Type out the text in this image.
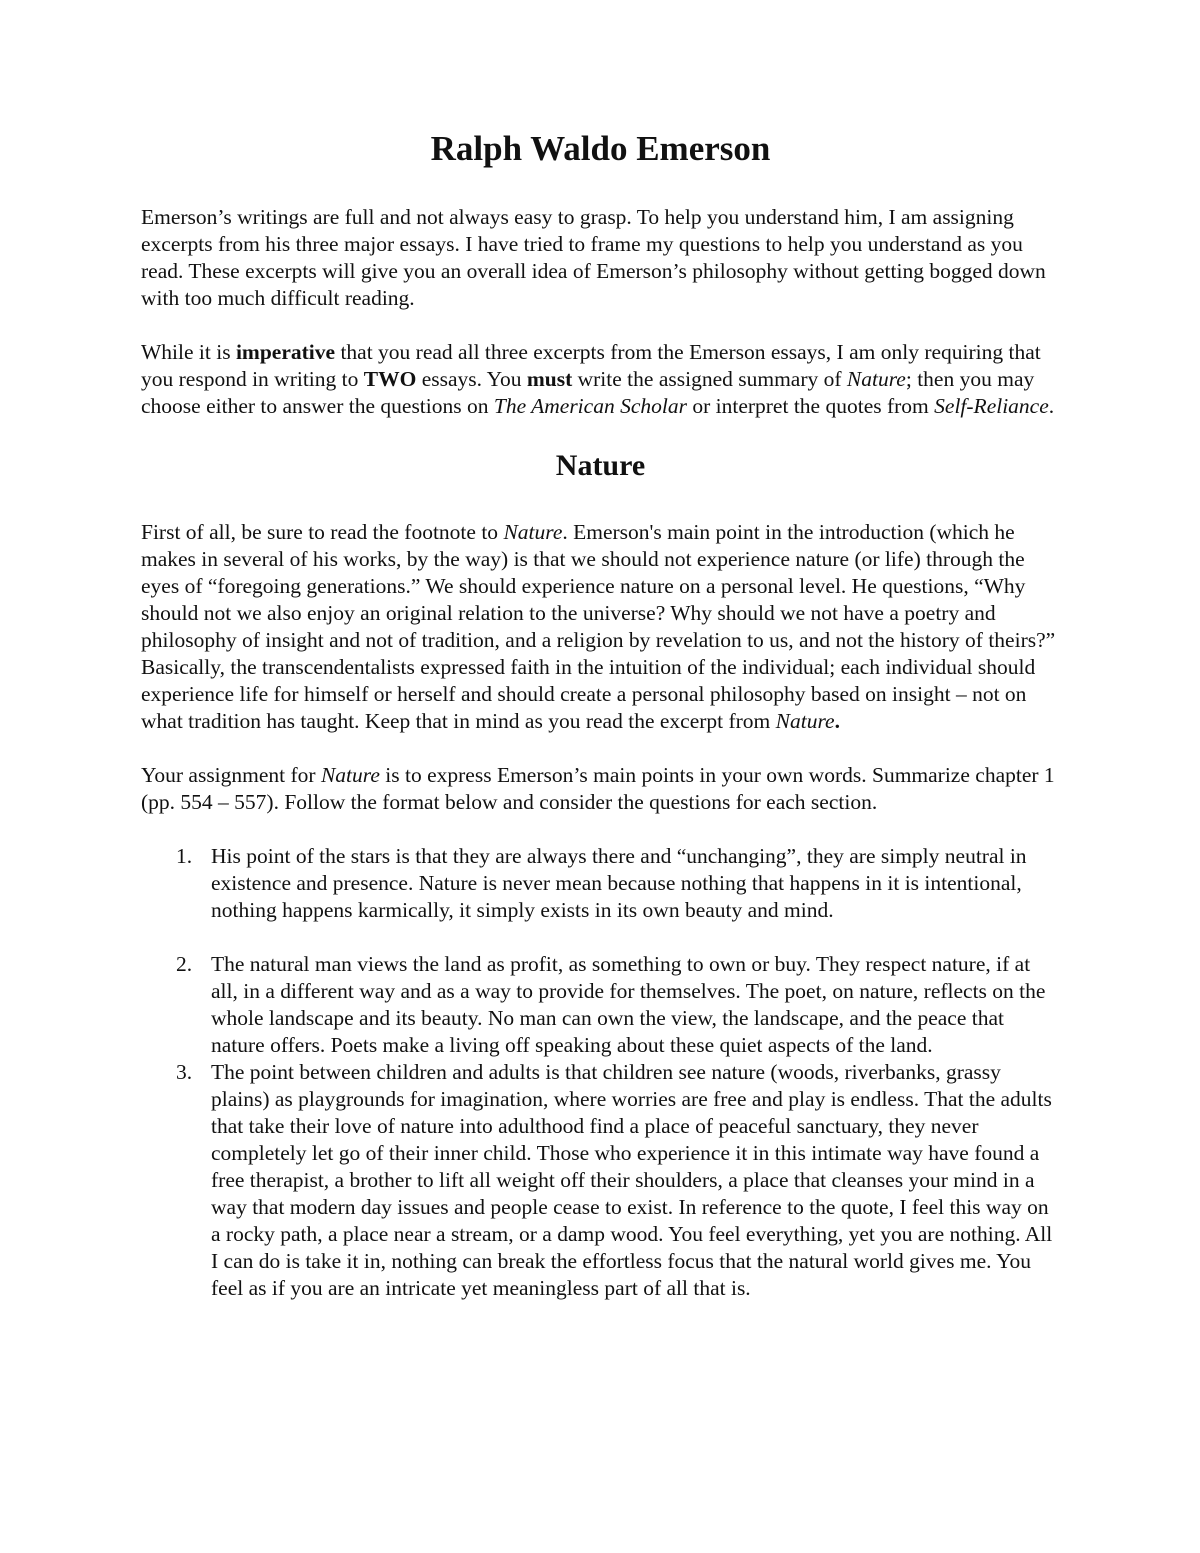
Ralph Waldo Emerson

Emerson’s writings are full and not always easy to grasp. To help you understand him, I am assigning excerpts from his three major essays. I have tried to frame my questions to help you understand as you read. These excerpts will give you an overall idea of Emerson’s philosophy without getting bogged down with too much difficult reading.

While it is imperative that you read all three excerpts from the Emerson essays, I am only requiring that you respond in writing to TWO essays. You must write the assigned summary of Nature; then you may choose either to answer the questions on The American Scholar or interpret the quotes from Self-Reliance.

Nature

First of all, be sure to read the footnote to Nature. Emerson's main point in the introduction (which he makes in several of his works, by the way) is that we should not experience nature (or life) through the eyes of “foregoing generations.” We should experience nature on a personal level. He questions, “Why should not we also enjoy an original relation to the universe? Why should we not have a poetry and philosophy of insight and not of tradition, and a religion by revelation to us, and not the history of theirs?” Basically, the transcendentalists expressed faith in the intuition of the individual; each individual should experience life for himself or herself and should create a personal philosophy based on insight – not on what tradition has taught. Keep that in mind as you read the excerpt from Nature.

Your assignment for Nature is to express Emerson’s main points in your own words. Summarize chapter 1 (pp. 554 – 557). Follow the format below and consider the questions for each section.

1. His point of the stars is that they are always there and “unchanging”, they are simply neutral in existence and presence. Nature is never mean because nothing that happens in it is intentional, nothing happens karmically, it simply exists in its own beauty and mind.
2. The natural man views the land as profit, as something to own or buy. They respect nature, if at all, in a different way and as a way to provide for themselves. The poet, on nature, reflects on the whole landscape and its beauty. No man can own the view, the landscape, and the peace that nature offers. Poets make a living off speaking about these quiet aspects of the land.
3. The point between children and adults is that children see nature (woods, riverbanks, grassy plains) as playgrounds for imagination, where worries are free and play is endless. That the adults that take their love of nature into adulthood find a place of peaceful sanctuary, they never completely let go of their inner child. Those who experience it in this intimate way have found a free therapist, a brother to lift all weight off their shoulders, a place that cleanses your mind in a way that modern day issues and people cease to exist. In reference to the quote, I feel this way on a rocky path, a place near a stream, or a damp wood. You feel everything, yet you are nothing. All I can do is take it in, nothing can break the effortless focus that the natural world gives me. You feel as if you are an intricate yet meaningless part of all that is.
